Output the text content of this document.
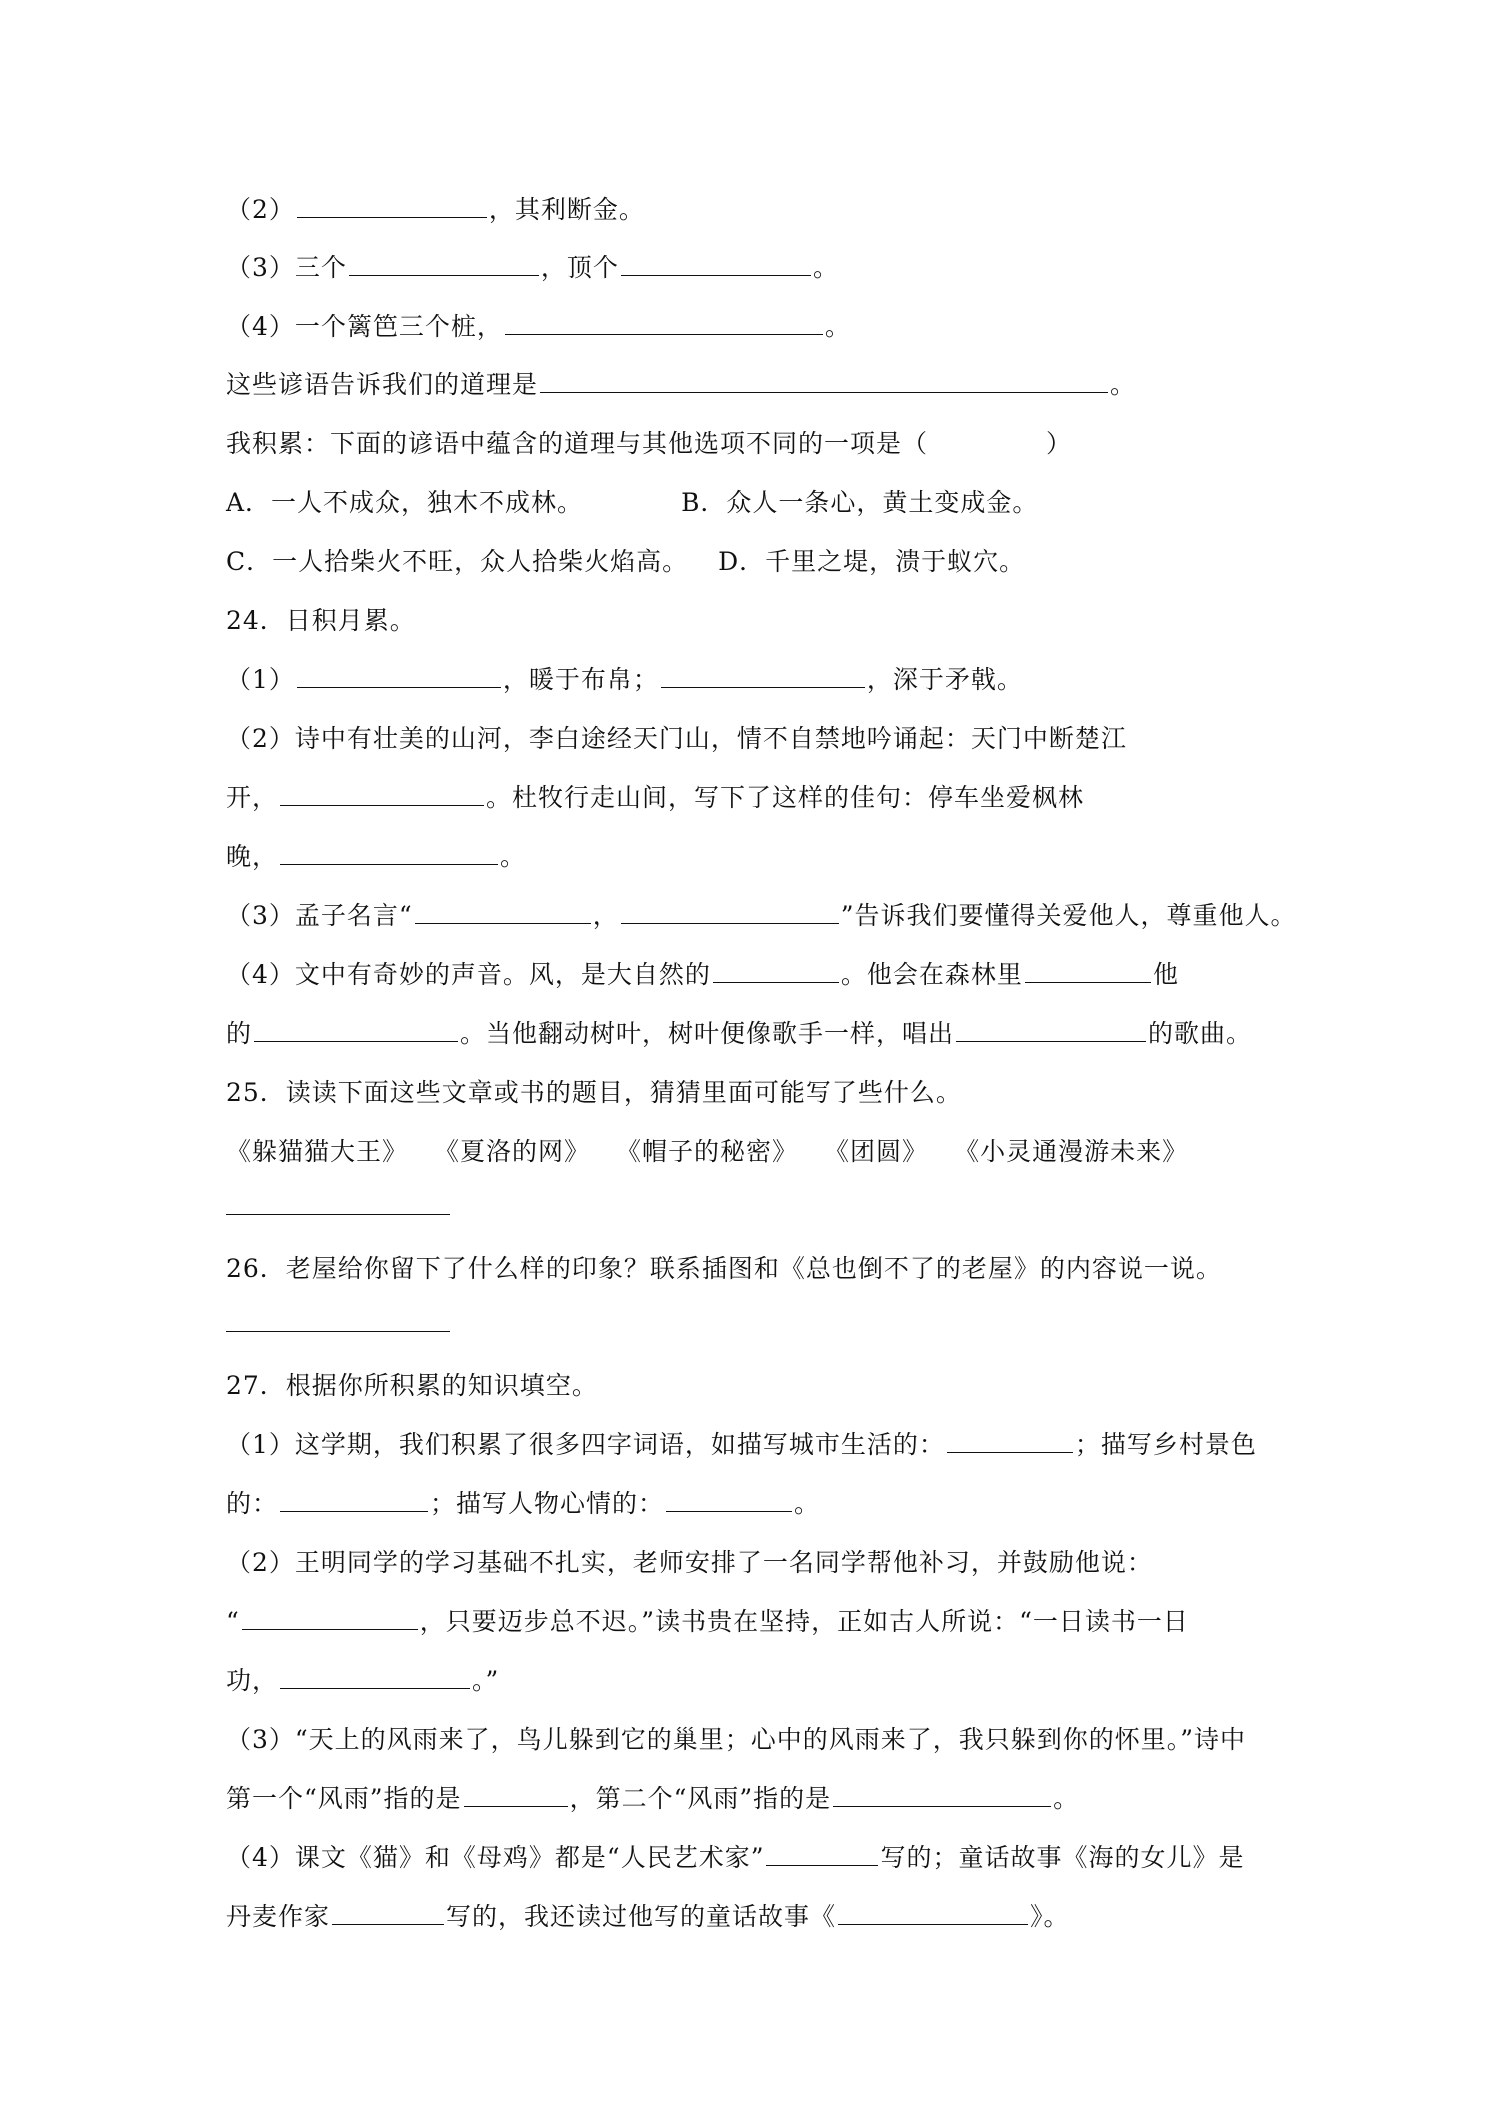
（2）	，其利断金。
（3）三个	，顶个	。
（4）一个篱笆三个桩，	。
这些谚语告诉我们的道理是	。
我积累：下面的谚语中蕴含的道理与其他选项不同的一项是（	）
A．一人不成众，独木不成林。	B．众人一条心，黄土变成金。
C．一人拾柴火不旺，众人拾柴火焰高。 D．千里之堤，溃于蚁穴。
24．日积月累。
（1）	，暖于布帛；	，深于矛戟。
（2）诗中有壮美的山河，李白途经天门山，情不自禁地吟诵起：天门中断楚江
开，	。杜牧行走山间，写下了这样的佳句：停车坐爱枫林
晚，	。
（3）孟子名言“	，	”告诉我们要懂得关爱他人，尊重他人。
（4）文中有奇妙的声音。风，是大自然的	。他会在森林里	他
的	。当他翻动树叶，树叶便像歌手一样，唱出	的歌曲。
25．读读下面这些文章或书的题目，猜猜里面可能写了些什么。
《躲猫猫大王》 《夏洛的网》 《帽子的秘密》 《团圆》 《小灵通漫游未来》
26．老屋给你留下了什么样的印象？联系插图和《总也倒不了的老屋》的内容说一说。
27．根据你所积累的知识填空。
（1）这学期，我们积累了很多四字词语，如描写城市生活的：	；描写乡村景色
的：	；描写人物心情的：	。
（2）王明同学的学习基础不扎实，老师安排了一名同学帮他补习，并鼓励他说：
“	，只要迈步总不迟。”读书贵在坚持，正如古人所说：“一日读书一日
功，	。”
（3）“天上的风雨来了，鸟儿躲到它的巢里；心中的风雨来了，我只躲到你的怀里。”诗中
第一个“风雨”指的是	，第二个“风雨”指的是	。
（4）课文《猫》和《母鸡》都是“人民艺术家”	写的；童话故事《海的女儿》是
丹麦作家	写的，我还读过他写的童话故事《	》。
